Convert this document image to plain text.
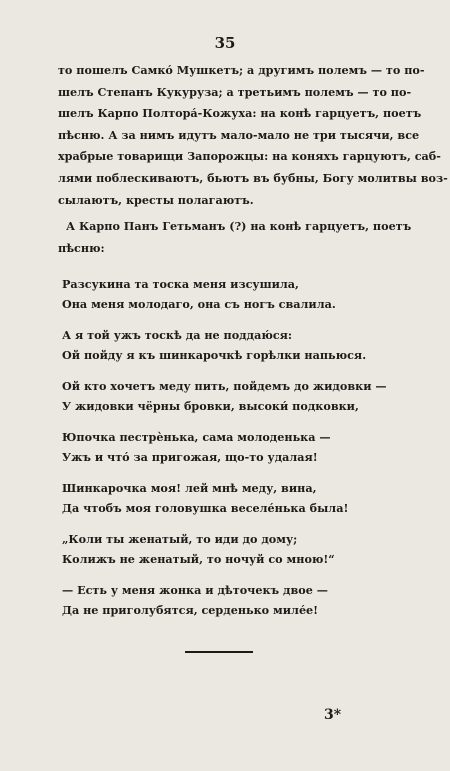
35

то пошелъ Самко́ Мушкетъ; а другимъ полемъ — то по-

шелъ Степанъ Кукуруза; а третьимъ полемъ — то по-

шелъ Карпо Полтора́-Кожуха: на конѣ гарцуетъ, поетъ

пѣсню. А за нимъ идутъ мало-мало не три тысячи, все

храбрые товарищи Запорожцы: на коняхъ гарцуютъ, саб-

лями поблескиваютъ, бьютъ въ бубны, Богу молитвы воз-

сылаютъ, кресты полагаютъ.

А Карпо Панъ Гетьманъ (?) на конѣ гарцуетъ, поетъ

пѣсню:

Разсукина та тоска меня изсушила,
Она меня молодаго, она съ ногъ свалила.
А я той ужъ тоскѣ да не поддаю́ся:
Ой пойду я къ шинкарочкѣ горѣлки напьюся.
Ой кто хочетъ меду пить, пойдемъ до жидовки —
У жидовки чёрны бровки, высоки́ подковки,
Юпочка пестрѐнька, сама молоденька —
Ужъ и что́ за пригожая, що-то удалая!
Шинкарочка моя! лей мнѣ меду, вина,
Да чтобъ моя головушка веселе́нька была!
„Коли ты женатый, то иди до дому;
Колижъ не женатый, то ночуй со мною!“
— Есть у меня жонка и дѣточекъ двое —
Да не приголубятся, серденько миле́е!
3*
